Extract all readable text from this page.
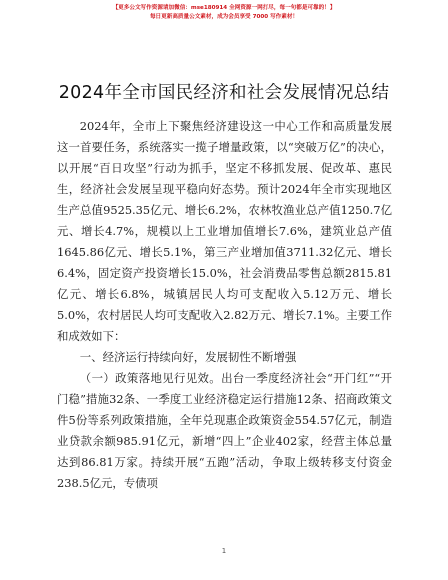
【更多公文写作资源请加微信：mse180914 全网资源一网打尽，每一句都是可靠的！】
每日更新高质量公文素材，成为会员享受 7000 写作素材！
2024年全市国民经济和社会发展情况总结

2024年，全市上下聚焦经济建设这一中心工作和高质量发展这一首要任务，系统落实一揽子增量政策，以“突破万亿”的决心，以开展“百日攻坚”行动为抓手，坚定不移抓发展、促改革、惠民生，经济社会发展呈现平稳向好态势。预计2024年全市实现地区生产总值9525.35亿元、增长6.2%，农林牧渔业总产值1250.7亿元、增长4.7%，规模以上工业增加值增长7.6%，建筑业总产值1645.86亿元、增长5.1%，第三产业增加值3711.32亿元、增长6.4%，固定资产投资增长15.0%，社会消费品零售总额2815.81亿元、增长6.8%，城镇居民人均可支配收入5.12万元、增长5.0%，农村居民人均可支配收入2.82万元、增长7.1%。主要工作和成效如下：

一、经济运行持续向好，发展韧性不断增强

（一）政策落地见行见效。出台一季度经济社会“开门红”“开门稳”措施32条、一季度工业经济稳定运行措施12条、招商政策文件5份等系列政策措施，全年兑现惠企政策资金554.57亿元，制造业贷款余额985.91亿元，新增“四上”企业402家，经营主体总量达到86.81万家。持续开展“五跑”活动，争取上级转移支付资金238.5亿元，专债项

1
